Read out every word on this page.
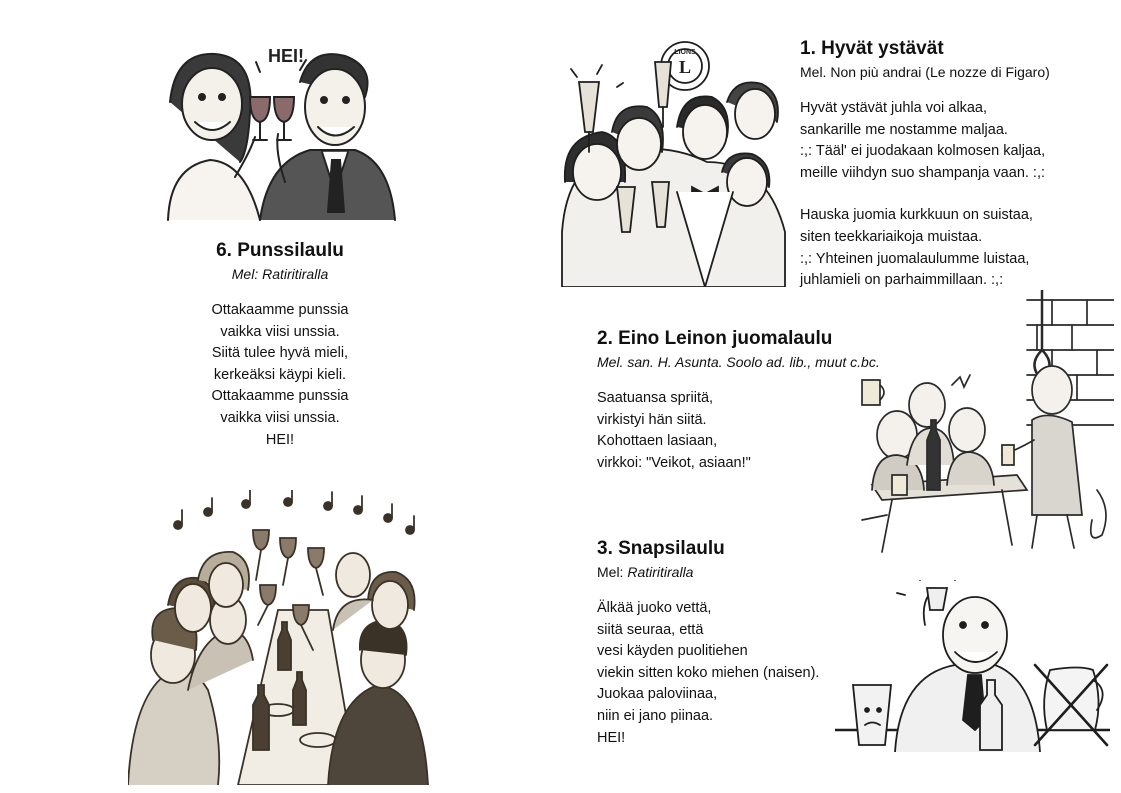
HEI!
6. Punssilaulu

Mel: Ratiritiralla

Ottakaamme punssia
vaikka viisi unssia.
Siitä tulee hyvä mieli,
kerkeäksi käypi kieli.
Ottakaamme punssia
vaikka viisi unssia.
HEI!
LIONS
L
1. Hyvät ystävät

Mel. Non più andrai (Le nozze di Figaro)

Hyvät ystävät juhla voi alkaa,
sankarille me nostamme maljaa.
:,: Tääl' ei juodakaan kolmosen kaljaa,
meille viihdyn suo shampanja vaan. :,:
Hauska juomia kurkkuun on suistaa,
siten teekkariaikoja muistaa.
:,: Yhteinen juomalaulumme luistaa,
juhlamieli on parhaimmillaan. :,:
2. Eino Leinon juomalaulu

Mel. san. H. Asunta. Soolo ad. lib., muut c.bc.

Saatuansa spriitä,
virkistyi hän siitä.
Kohottaen lasiaan,
virkkoi: "Veikot, asiaan!"
3. Snapsilaulu

Mel: Ratiritiralla

Älkää juoko vettä,
siitä seuraa, että
vesi käyden puolitiehen
viekin sitten koko miehen (naisen).
Juokaa paloviinaa,
niin ei jano piinaa.
HEI!
